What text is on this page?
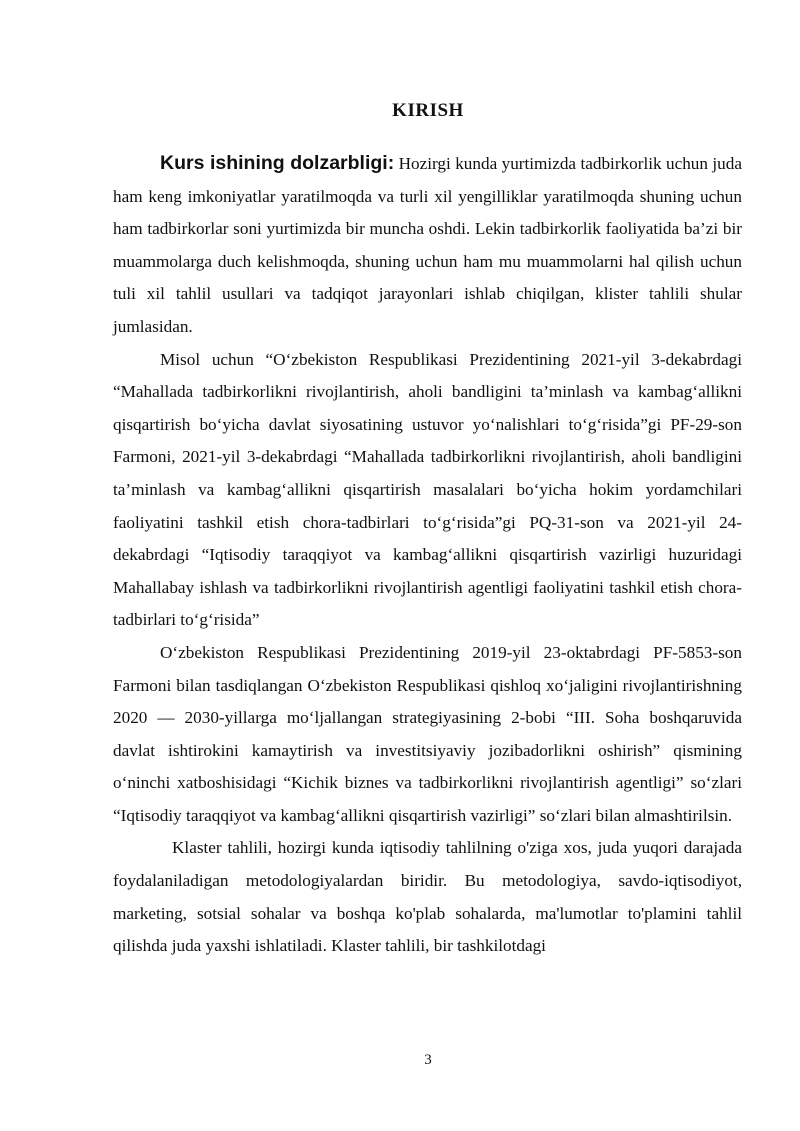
KIRISH

Kurs ishining dolzarbligi: Hozirgi kunda yurtimizda tadbirkorlik uchun juda ham keng imkoniyatlar yaratilmoqda va turli xil yengilliklar yaratilmoqda shuning uchun ham tadbirkorlar soni yurtimizda bir muncha oshdi. Lekin tadbirkorlik faoliyatida ba’zi bir muammolarga duch kelishmoqda, shuning uchun ham mu muammolarni hal qilish uchun tuli xil tahlil usullari va tadqiqot jarayonlari ishlab chiqilgan, klister tahlili shular jumlasidan.

Misol uchun “O‘zbekiston Respublikasi Prezidentining 2021-yil 3-dekabrdagi “Mahallada tadbirkorlikni rivojlantirish, aholi bandligini ta’minlash va kambag‘allikni qisqartirish bo‘yicha davlat siyosatining ustuvor yo‘nalishlari to‘g‘risida”gi PF-29-son Farmoni, 2021-yil 3-dekabrdagi “Mahallada tadbirkorlikni rivojlantirish, aholi bandligini ta’minlash va kambag‘allikni qisqartirish masalalari bo‘yicha hokim yordamchilari faoliyatini tashkil etish chora-tadbirlari to‘g‘risida”gi PQ-31-son va 2021-yil 24-dekabrdagi “Iqtisodiy taraqqiyot va kambag‘allikni qisqartirish vazirligi huzuridagi Mahallabay ishlash va tadbirkorlikni rivojlantirish agentligi faoliyatini tashkil etish chora-tadbirlari to‘g‘risida”

O‘zbekiston Respublikasi Prezidentining 2019-yil 23-oktabrdagi PF-5853-son Farmoni bilan tasdiqlangan O‘zbekiston Respublikasi qishloq xo‘jaligini rivojlantirishning 2020 — 2030-yillarga mo‘ljallangan strategiyasining 2-bobi “III. Soha boshqaruvida davlat ishtirokini kamaytirish va investitsiyaviy jozibadorlikni oshirish” qismining o‘ninchi xatboshisidagi “Kichik biznes va tadbirkorlikni rivojlantirish agentligi” so‘zlari “Iqtisodiy taraqqiyot va kambag‘allikni qisqartirish vazirligi” so‘zlari bilan almashtirilsin.

Klaster tahlili, hozirgi kunda iqtisodiy tahlilning o'ziga xos, juda yuqori darajada foydalaniladigan metodologiyalardan biridir. Bu metodologiya, savdo-iqtisodiyot, marketing, sotsial sohalar va boshqa ko'plab sohalarda, ma'lumotlar to'plamini tahlil qilishda juda yaxshi ishlatiladi. Klaster tahlili, bir tashkilotdagi

3
